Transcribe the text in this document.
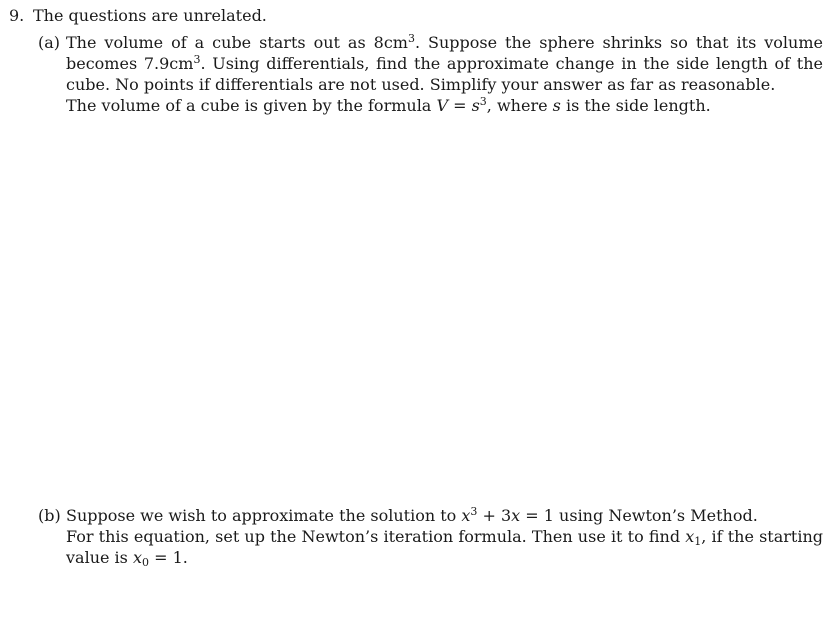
9. The questions are unrelated.
(a) The volume of a cube starts out as $8cm^3$. Suppose the sphere shrinks so that its volume becomes $7.9cm^3$. Using differentials, find the approximate change in the side length of the cube. No points if differentials are not used. Simplify your answer as far as reasonable.

The volume of a cube is given by the formula $V = s^3$, where s is the side length.

(b) Suppose we wish to approximate the solution to $x^3 + 3x = 1$ using Newton’s Method.

For this equation, set up the Newton’s iteration formula. Then use it to find $x_1$, if the starting value is $x_0 = 1$.
